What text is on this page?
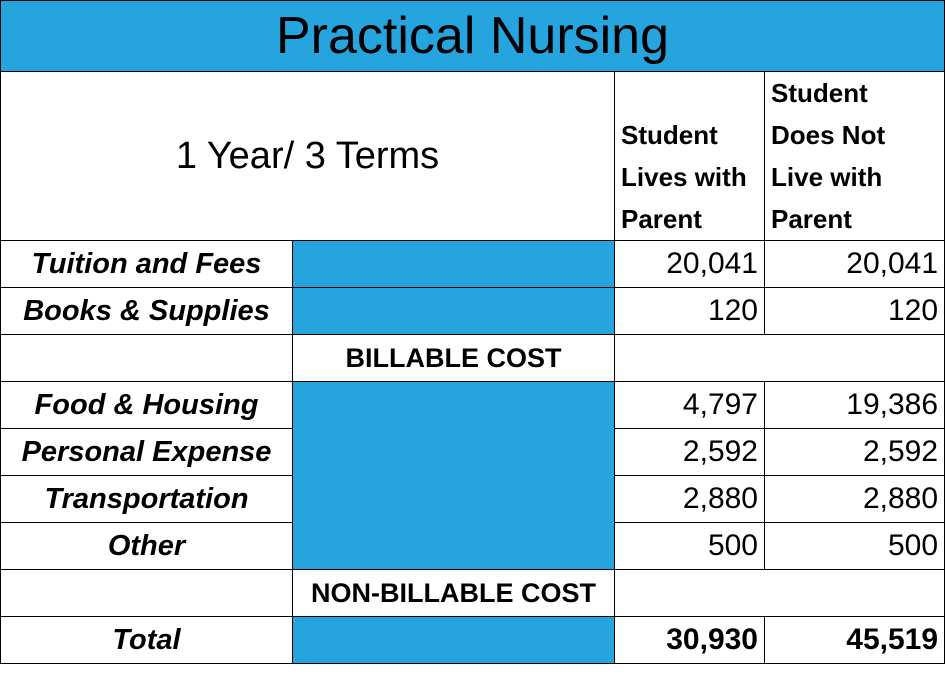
Practical Nursing			
1 Year/ 3 Terms		Student Lives with Parent	Student Does Not Live with Parent
Tuition and Fees		20,041	20,041
Books & Supplies		120	120
	BILLABLE COST		
Food & Housing		4,797	19,386
Personal Expense		2,592	2,592
Transportation		2,880	2,880
Other		500	500
	NON-BILLABLE COST		
Total		30,930	45,519
